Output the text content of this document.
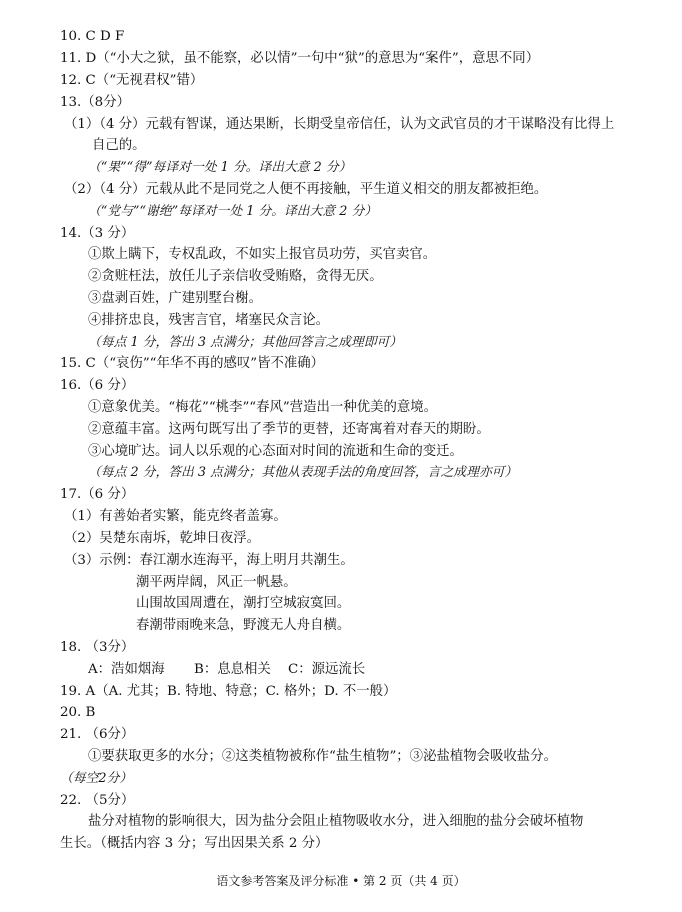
10. C D F
11. D（“小大之狱，虽不能察，必以情”一句中“狱”的意思为“案件”，意思不同）
12. C（“无视君权”错）
13.（8分）
（1）（4 分）元载有智谋，通达果断，长期受皇帝信任，认为文武官员的才干谋略没有比得上
自己的。
（“果”“得”每译对一处 1 分。译出大意 2 分）
（2）（4 分）元载从此不是同党之人便不再接触，平生道义相交的朋友都被拒绝。
（“党与”“谢绝”每译对一处 1 分。译出大意 2 分）
14.（3 分）
①欺上瞒下，专权乱政，不如实上报官员功劳，买官卖官。
②贪赃枉法，放任儿子亲信收受贿赂，贪得无厌。
③盘剥百姓，广建别墅台榭。
④排挤忠良，残害言官，堵塞民众言论。
（每点 1 分，答出 3 点满分；其他回答言之成理即可）
15. C（“哀伤”“年华不再的感叹”皆不准确）
16.（6 分）
①意象优美。“梅花”“桃李”“春风”营造出一种优美的意境。
②意蕴丰富。这两句既写出了季节的更替，还寄寓着对春天的期盼。
③心境旷达。词人以乐观的心态面对时间的流逝和生命的变迁。
（每点 2 分，答出 3 点满分；其他从表现手法的角度回答，言之成理亦可）
17.（6 分）
（1）有善始者实繁，能克终者盖寡。
（2）吴楚东南坼，乾坤日夜浮。
（3）示例：春江潮水连海平，海上明月共潮生。
潮平两岸阔，风正一帆悬。
山围故国周遭在，潮打空城寂寞回。
春潮带雨晚来急，野渡无人舟自横。
18. （3分）
A：浩如烟海 B：息息相关 C：源远流长
19. A（A. 尤其；B. 特地、特意；C. 格外；D. 不一般）
20. B
21. （6分）
①要获取更多的水分；②这类植物被称作“盐生植物”；③泌盐植物会吸收盐分。
（每空2分）
22. （5分）
盐分对植物的影响很大，因为盐分会阻止植物吸收水分，进入细胞的盐分会破坏植物
生长。（概括内容 3 分；写出因果关系 2 分）
语文参考答案及评分标准 • 第 2 页（共 4 页）
